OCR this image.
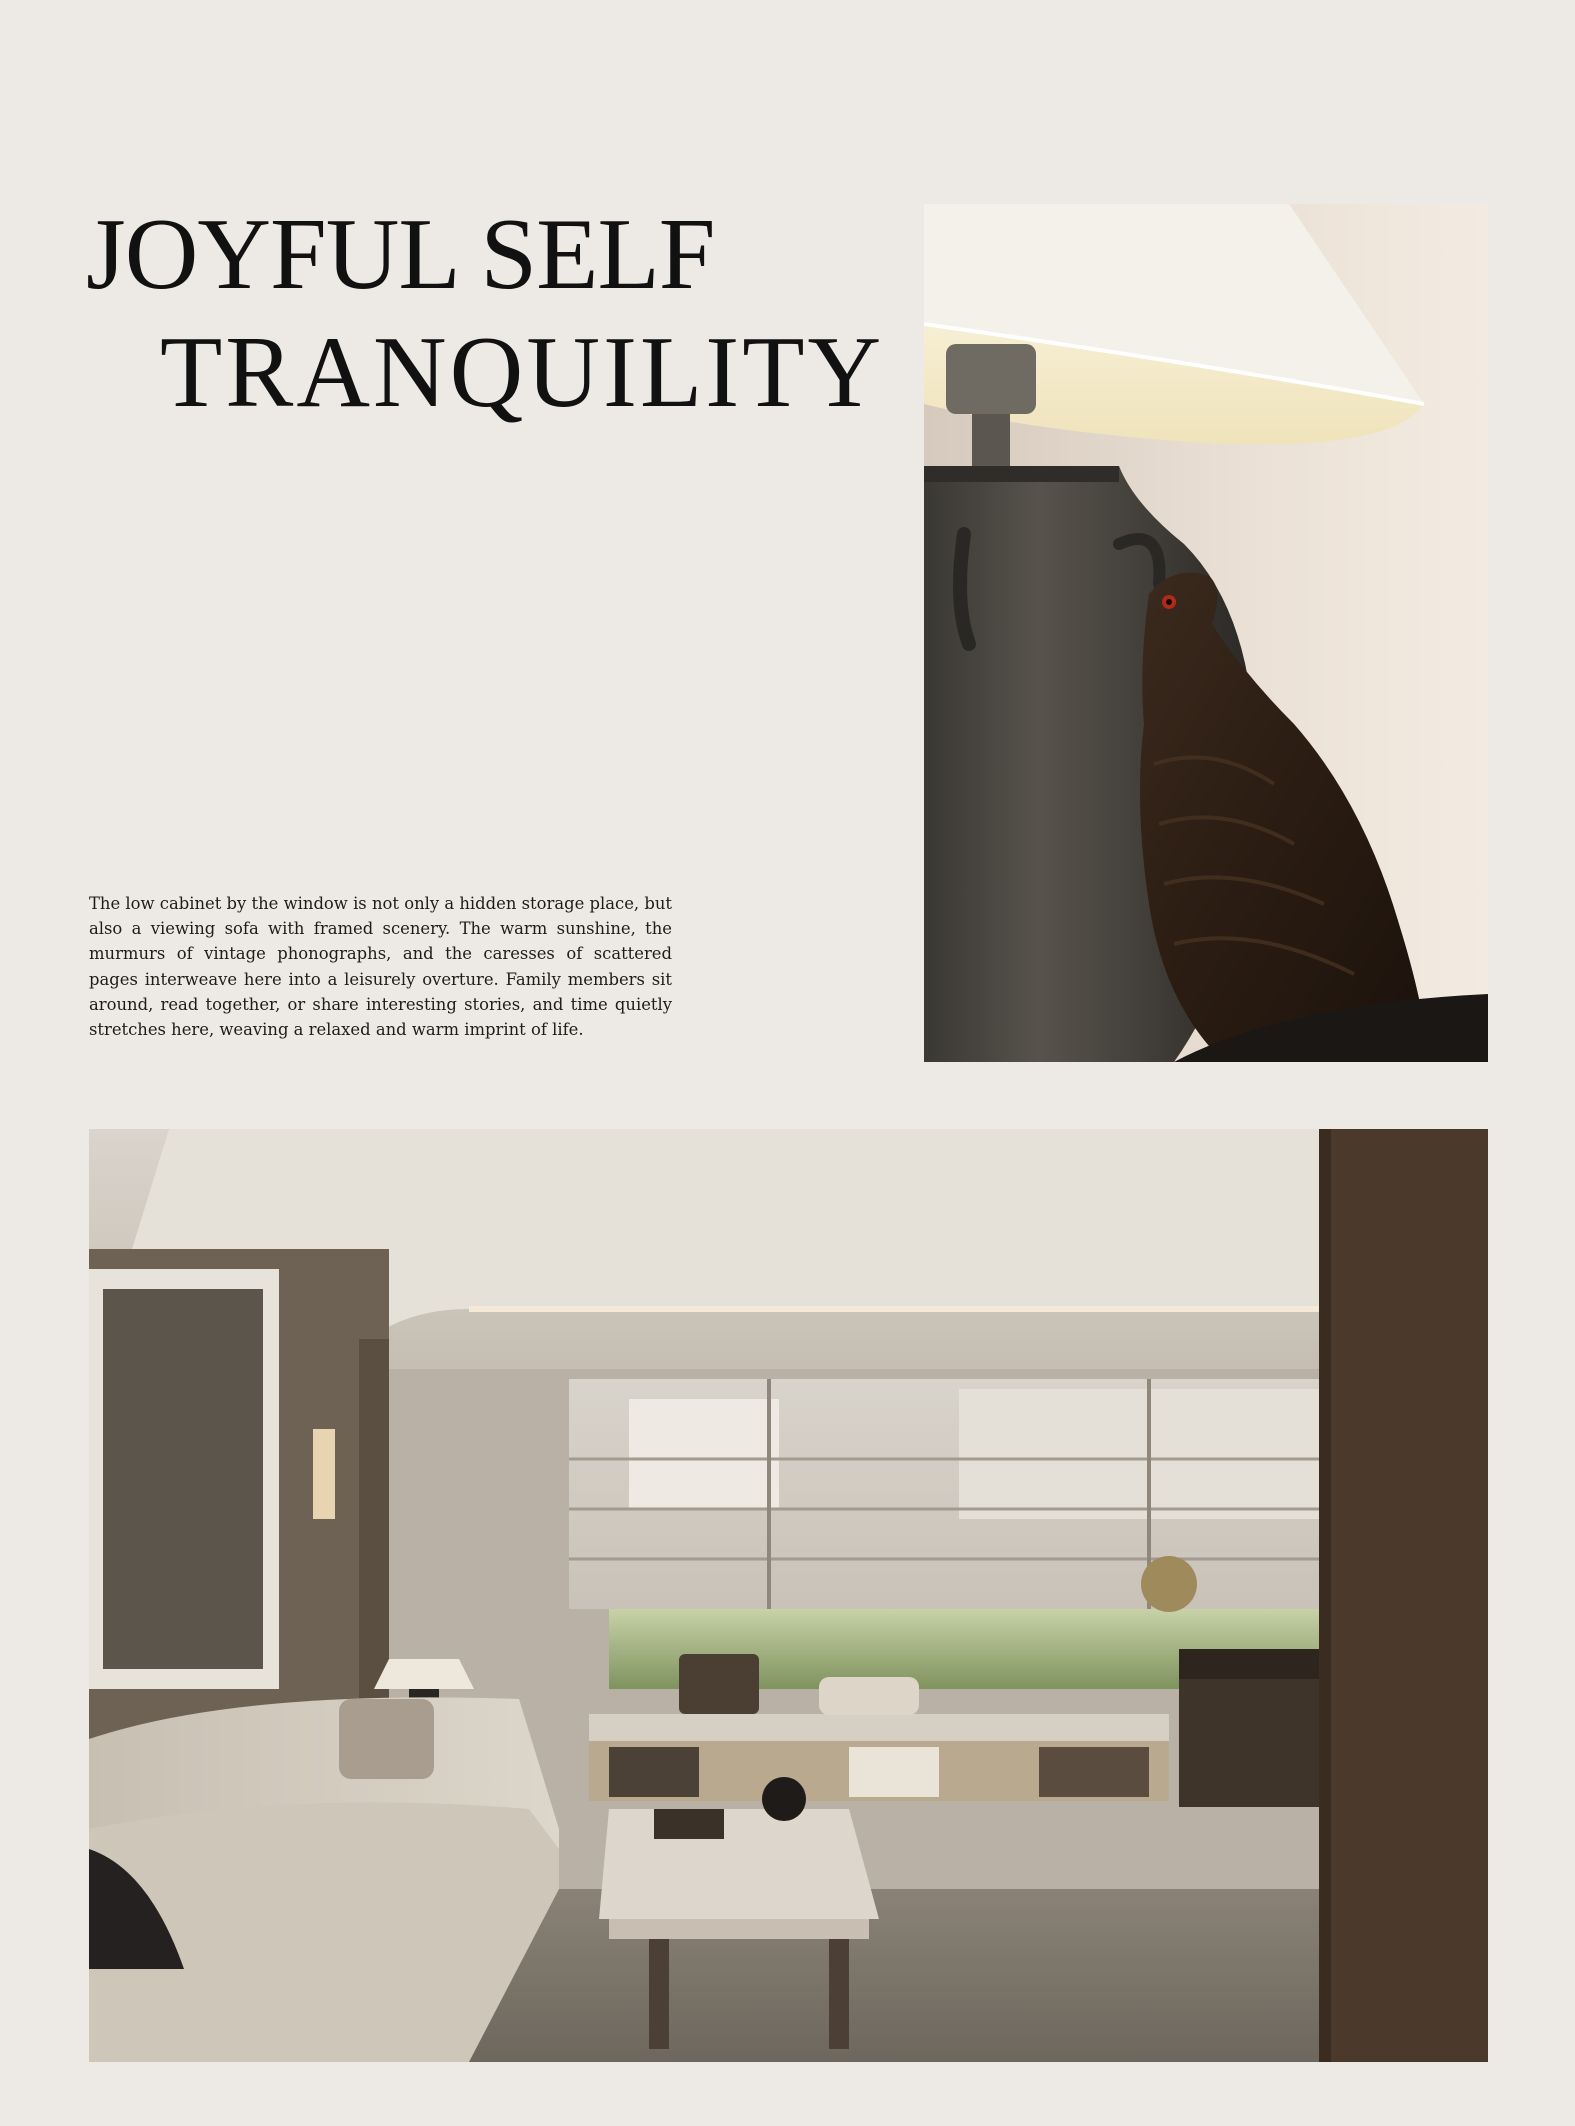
JOYFUL SELF
TRANQUILITY

The low cabinet by the window is not only a hidden storage place, but also a viewing sofa with framed scenery. The warm sunshine, the murmurs of vintage phonographs, and the caresses of scattered pages interweave here into a leisurely overture. Family members sit around, read together, or share interesting stories, and time quietly stretches here, weaving a relaxed and warm imprint of life.
